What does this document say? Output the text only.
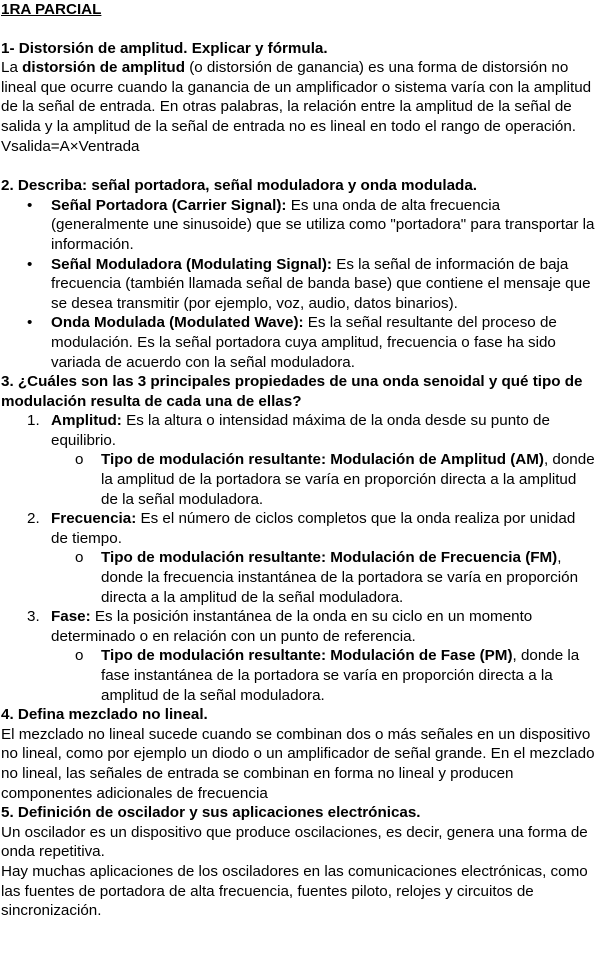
1RA PARCIAL

1- Distorsión de amplitud. Explicar y fórmula.

La distorsión de amplitud (o distorsión de ganancia) es una forma de distorsión no lineal que ocurre cuando la ganancia de un amplificador o sistema varía con la amplitud de la señal de entrada. En otras palabras, la relación entre la amplitud de la señal de salida y la amplitud de la señal de entrada no es lineal en todo el rango de operación.

Vsalida=A×Ventrada

2. Describa: señal portadora, señal moduladora y onda modulada.

• Señal Portadora (Carrier Signal): Es una onda de alta frecuencia (generalmente une sinusoide) que se utiliza como "portadora" para transportar la información.
• Señal Moduladora (Modulating Signal): Es la señal de información de baja frecuencia (también llamada señal de banda base) que contiene el mensaje que se desea transmitir (por ejemplo, voz, audio, datos binarios).
• Onda Modulada (Modulated Wave): Es la señal resultante del proceso de modulación. Es la señal portadora cuya amplitud, frecuencia o fase ha sido variada de acuerdo con la señal moduladora.

3. ¿Cuáles son las 3 principales propiedades de una onda senoidal y qué tipo de modulación resulta de cada una de ellas?

1. Amplitud: Es la altura o intensidad máxima de la onda desde su punto de equilibrio.
o Tipo de modulación resultante: Modulación de Amplitud (AM), donde la amplitud de la portadora se varía en proporción directa a la amplitud de la señal moduladora.
2. Frecuencia: Es el número de ciclos completos que la onda realiza por unidad de tiempo.
o Tipo de modulación resultante: Modulación de Frecuencia (FM), donde la frecuencia instantánea de la portadora se varía en proporción directa a la amplitud de la señal moduladora.
3. Fase: Es la posición instantánea de la onda en su ciclo en un momento determinado o en relación con un punto de referencia.
o Tipo de modulación resultante: Modulación de Fase (PM), donde la fase instantánea de la portadora se varía en proporción directa a la amplitud de la señal moduladora.

4. Defina mezclado no lineal.

El mezclado no lineal sucede cuando se combinan dos o más señales en un dispositivo no lineal, como por ejemplo un diodo o un amplificador de señal grande. En el mezclado no lineal, las señales de entrada se combinan en forma no lineal y producen componentes adicionales de frecuencia

5. Definición de oscilador y sus aplicaciones electrónicas.

Un oscilador es un dispositivo que produce oscilaciones, es decir, genera una forma de onda repetitiva.

Hay muchas aplicaciones de los osciladores en las comunicaciones electrónicas, como las fuentes de portadora de alta frecuencia, fuentes piloto, relojes y circuitos de sincronización.
